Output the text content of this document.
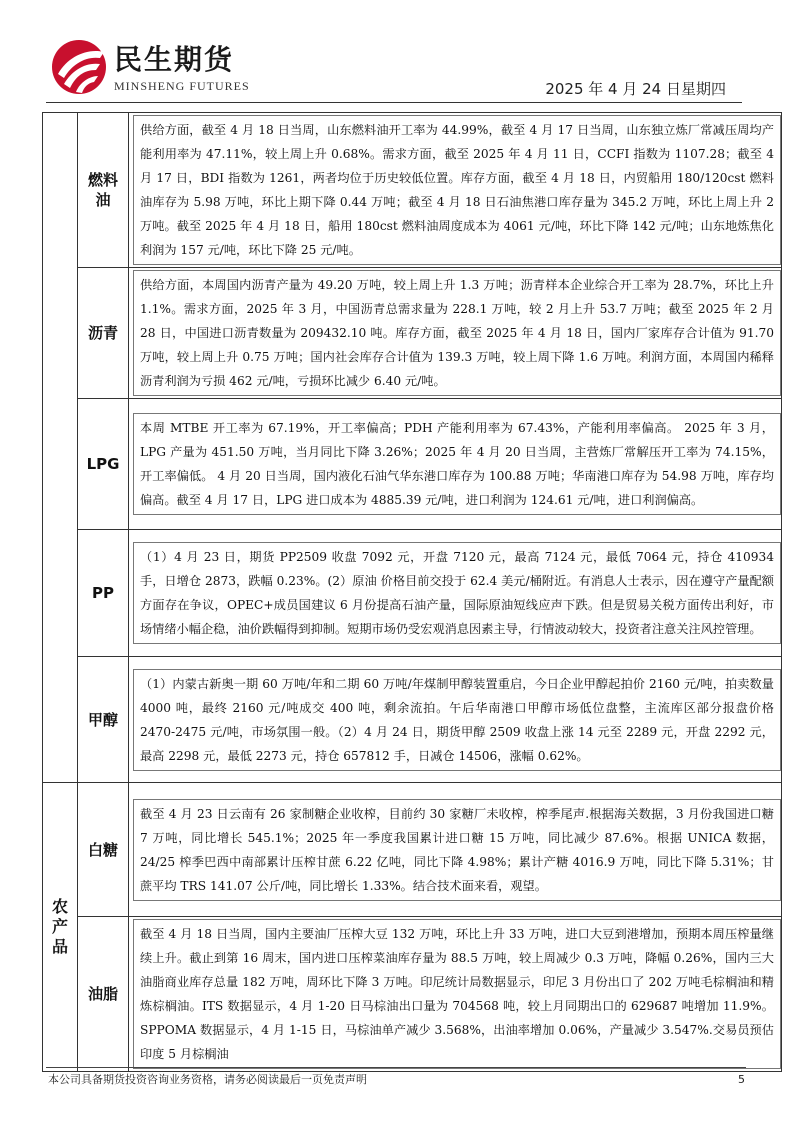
民生期货
MINSHENG FUTURES	2025 年 4 月 24 日星期四
	燃料油	供给方面，截至 4 月 18 日当周，山东燃料油开工率为 44.99%，截至 4 月 17 日当周，山东独立炼厂常减压周均产能利用率为 47.11%，较上周上升 0.68%。需求方面，截至 2025 年 4 月 11 日，CCFI 指数为 1107.28；截至 4 月 17 日，BDI 指数为 1261，两者均位于历史较低位置。库存方面，截至 4 月 18 日，内贸船用 180/120cst 燃料油库存为 5.98 万吨，环比上期下降 0.44 万吨；截至 4 月 18 日石油焦港口库存量为 345.2 万吨，环比上周上升 2 万吨。截至 2025 年 4 月 18 日，船用 180cst 燃料油周度成本为 4061 元/吨，环比下降 142 元/吨；山东地炼焦化利润为 157 元/吨，环比下降 25 元/吨。

	沥青	供给方面，本周国内沥青产量为 49.20 万吨，较上周上升 1.3 万吨；沥青样本企业综合开工率为 28.7%，环比上升 1.1%。需求方面，2025 年 3 月，中国沥青总需求量为 228.1 万吨，较 2 月上升 53.7 万吨；截至 2025 年 2 月 28 日，中国进口沥青数量为 209432.10 吨。库存方面，截至 2025 年 4 月 18 日，国内厂家库存合计值为 91.70 万吨，较上周上升 0.75 万吨；国内社会库存合计值为 139.3 万吨，较上周下降 1.6 万吨。利润方面，本周国内稀释沥青利润为亏损 462 元/吨，亏损环比减少 6.40 元/吨。

	LPG	本周 MTBE 开工率为 67.19%，开工率偏高；PDH 产能利用率为 67.43%，产能利用率偏高。 2025 年 3 月，LPG 产量为 451.50 万吨，当月同比下降 3.26%；2025 年 4 月 20 日当周，主营炼厂常解压开工率为 74.15%，开工率偏低。 4 月 20 日当周，国内液化石油气华东港口库存为 100.88 万吨；华南港口库存为 54.98 万吨，库存均偏高。截至 4 月 17 日，LPG 进口成本为 4885.39 元/吨，进口利润为 124.61 元/吨，进口利润偏高。

	PP	（1）4 月 23 日，期货 PP2509 收盘 7092 元，开盘 7120 元，最高 7124 元，最低 7064 元，持仓 410934 手，日增仓 2873，跌幅 0.23%。(2）原油 价格目前交投于 62.4 美元/桶附近。有消息人士表示，因在遵守产量配额方面存在争议，OPEC+成员国建议 6 月份提高石油产量，国际原油短线应声下跌。但是贸易关税方面传出利好，市场情绪小幅企稳，油价跌幅得到抑制。短期市场仍受宏观消息因素主导，行情波动较大，投资者注意关注风控管理。

	甲醇	（1）内蒙古新奥一期 60 万吨/年和二期 60 万吨/年煤制甲醇装置重启，今日企业甲醇起拍价 2160 元/吨，拍卖数量 4000 吨，最终 2160 元/吨成交 400 吨，剩余流拍。午后华南港口甲醇市场低位盘整，主流库区部分报盘价格 2470-2475 元/吨，市场氛围一般。（2）4 月 24 日，期货甲醇 2509 收盘上涨 14 元至 2289 元，开盘 2292 元，最高 2298 元，最低 2273 元，持仓 657812 手，日减仓 14506，涨幅 0.62%。

农产品	白糖	截至 4 月 23 日云南有 26 家制糖企业收榨，目前约 30 家糖厂未收榨，榨季尾声.根据海关数据，3 月份我国进口糖 7 万吨，同比增长 545.1%；2025 年一季度我国累计进口糖 15 万吨，同比减少 87.6%。根据 UNICA 数据，24/25 榨季巴西中南部累计压榨甘蔗 6.22 亿吨，同比下降 4.98%；累计产糖 4016.9 万吨，同比下降 5.31%；甘蔗平均 TRS 141.07 公斤/吨，同比增长 1.33%。结合技术面来看，观望。

	油脂	截至 4 月 18 日当周，国内主要油厂压榨大豆 132 万吨，环比上升 33 万吨，进口大豆到港增加，预期本周压榨量继续上升。截止到第 16 周末，国内进口压榨菜油库存量为 88.5 万吨，较上周减少 0.3 万吨，降幅 0.26%，国内三大油脂商业库存总量 182 万吨，周环比下降 3 万吨。印尼统计局数据显示，印尼 3 月份出口了 202 万吨毛棕榈油和精炼棕榈油。ITS 数据显示，4 月 1-20 日马棕油出口量为 704568 吨，较上月同期出口的 629687 吨增加 11.9%。SPPOMA 数据显示，4 月 1-15 日，马棕油单产减少 3.568%，出油率增加 0.06%，产量减少 3.547%.交易员预估印度 5 月棕榈油
本公司具备期货投资咨询业务资格，请务必阅读最后一页免责声明	5
